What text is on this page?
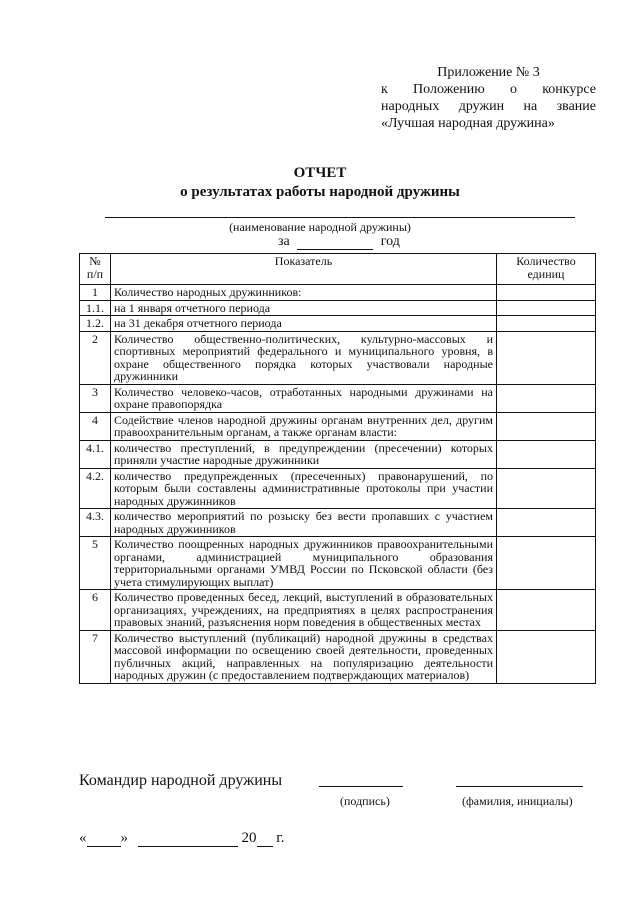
Приложение № 3
к Положению о конкурсе
народных дружин на звание
«Лучшая народная дружина»
ОТЧЕТ
о результатах работы народной дружины
(наименование народной дружины)
за	год
№ п/п	Показатель	Количество единиц
1	Количество народных дружинников:	
1.1.	на 1 января отчетного периода	
1.2.	на 31 декабря отчетного периода	
2	Количество общественно-политических, культурно-массовых и спортивных мероприятий федерального и муниципального уровня, в охране общественного порядка которых участвовали народные дружинники	
3	Количество человеко-часов, отработанных народными дружинами на охране правопорядка	
4	Содействие членов народной дружины органам внутренних дел, другим правоохранительным органам, а также органам власти:	
4.1.	количество преступлений, в предупреждении (пресечении) которых приняли участие народные дружинники	
4.2.	количество предупрежденных (пресеченных) правонарушений, по которым были составлены административные протоколы при участии народных дружинников	
4.3.	количество мероприятий по розыску без вести пропавших с участием народных дружинников	
5	Количество поощренных народных дружинников правоохранительными органами, администрацией муниципального образования территориальными органами УМВД России по Псковской области (без учета стимулирующих выплат)	
6	Количество проведенных бесед, лекций, выступлений в образовательных организациях, учреждениях, на предприятиях в целях распространения правовых знаний, разъяснения норм поведения в общественных местах	
7	Количество выступлений (публикаций) народной дружины в средствах массовой информации по освещению своей деятельности, проведенных публичных акций, направленных на популяризацию деятельности народных дружин (с предоставлением подтверждающих материалов)	
Командир народной дружины
(подпись)	(фамилия, инициалы)
« »	20 г.
